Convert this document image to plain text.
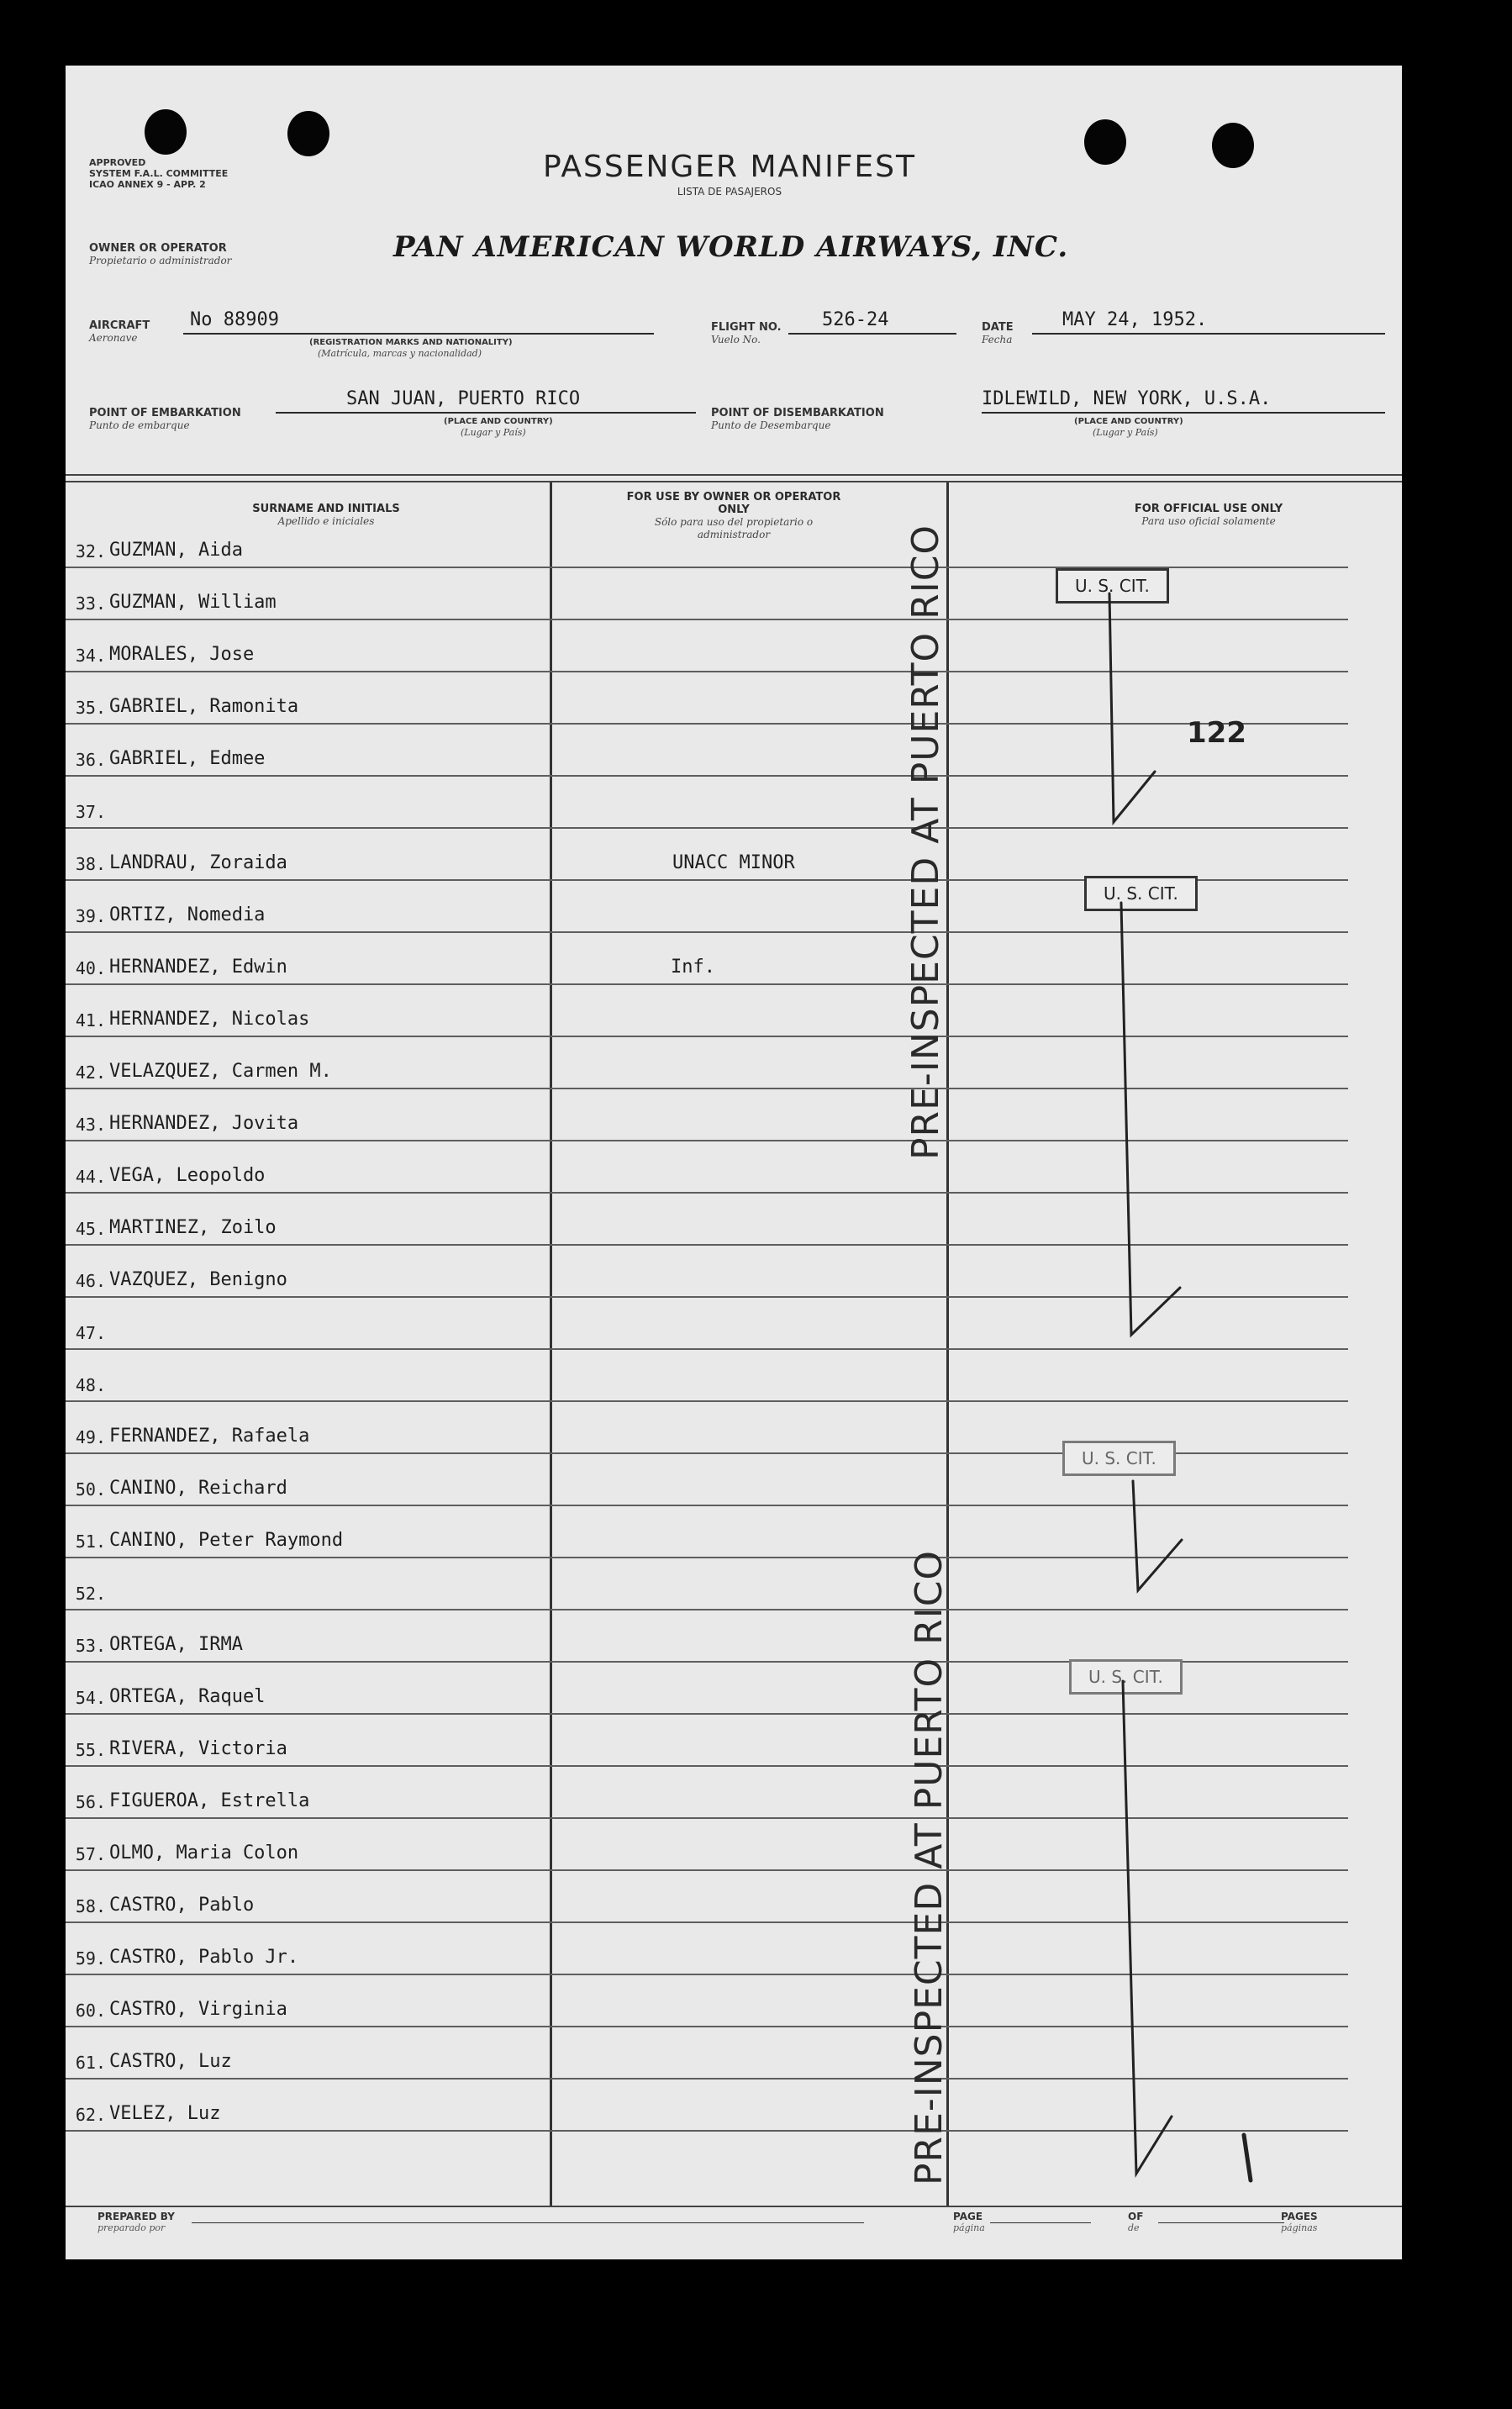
APPROVED
SYSTEM F.A.L. COMMITTEE
ICAO ANNEX 9 - APP. 2
PASSENGER MANIFEST
LISTA DE PASAJEROS
OWNER OR OPERATOR
Propietario o administrador	PAN AMERICAN WORLD AIRWAYS, INC.
AIRCRAFT
Aeronave
No 88909
(REGISTRATION MARKS AND NATIONALITY)
(Matrícula, marcas y nacionalidad)
FLIGHT NO.
Vuelo No.
526-24	DATE
Fecha
MAY 24, 1952.
POINT OF EMBARKATION
Punto de embarque
SAN JUAN, PUERTO RICO
(PLACE AND COUNTRY)
(Lugar y País)
POINT OF DISEMBARKATION
Punto de Desembarque
IDLEWILD, NEW YORK, U.S.A.
(PLACE AND COUNTRY)
(Lugar y País)
SURNAME AND INITIALS
Apellido e iniciales
FOR USE BY OWNER OR OPERATOR ONLY
Sólo para uso del propietario o administrador
FOR OFFICIAL USE ONLY
Para uso oficial solamente
32. GUZMAN, Aida
33. GUZMAN, William
34. MORALES, Jose
35. GABRIEL, Ramonita
36. GABRIEL, Edmee
37.
38. LANDRAU, Zoraida	UNACC MINOR
39. ORTIZ, Nomedia
40. HERNANDEZ, Edwin	Inf.
41. HERNANDEZ, Nicolas
42. VELAZQUEZ, Carmen M.
43. HERNANDEZ, Jovita
44. VEGA, Leopoldo
45. MARTINEZ, Zoilo
46. VAZQUEZ, Benigno
47.
48.
49. FERNANDEZ, Rafaela
50. CANINO, Reichard
51. CANINO, Peter Raymond
52.
53. ORTEGA, IRMA
54. ORTEGA, Raquel
55. RIVERA, Victoria
56. FIGUEROA, Estrella
57. OLMO, Maria Colon
58. CASTRO, Pablo
59. CASTRO, Pablo Jr.
60. CASTRO, Virginia
61. CASTRO, Luz
62. VELEZ, Luz
U. S. CIT.
U. S. CIT.
U. S. CIT.
U. S. CIT.
122
PRE-INSPECTED AT PUERTO RICO
PRE-INSPECTED AT PUERTO RICO
PREPARED BY
preparado por
PAGE
página
OF
de
PAGES
páginas
